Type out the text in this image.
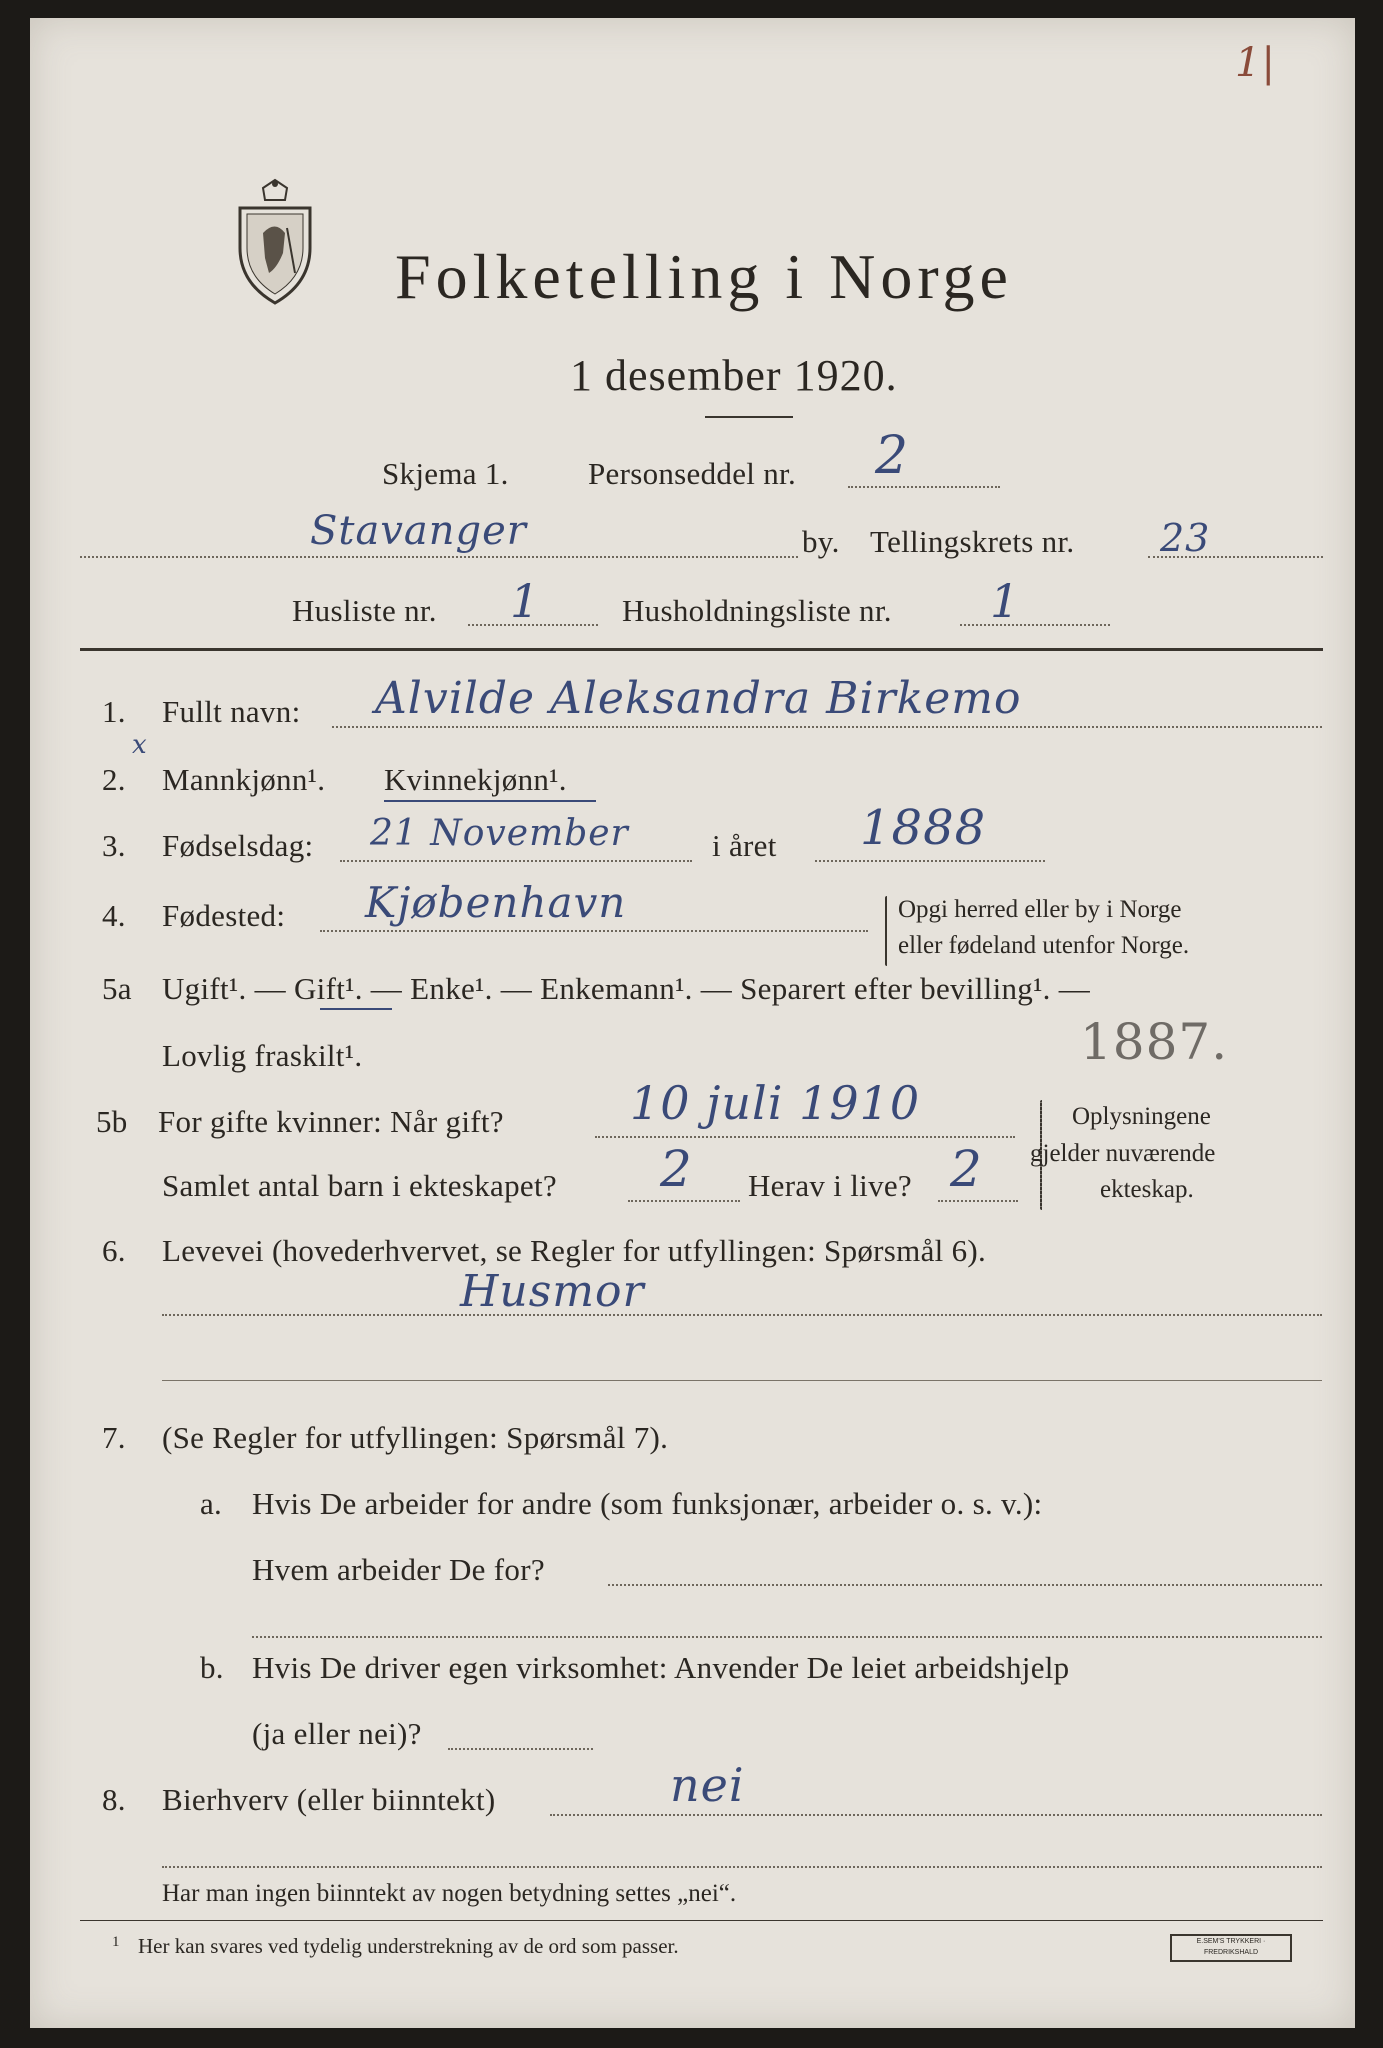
Folketelling i Norge
1 desember 1920.
1|
Skjema 1.	Personseddel nr. 2
Stavanger	by. Tellingskrets nr. 23
Husliste nr. 1	Husholdningsliste nr. 1
1. Fullt navn: Alvilde Aleksandra Birkemo
2.
x
Mannkjønn¹. Kvinnekjønn¹.
3. Fødselsdag: 21 November	i året 1888
4. Fødested: Kjøbenhavn	Opgi herred eller by i Norge
eller fødeland utenfor Norge.
5a Ugift¹. — Gift¹. — Enke¹. — Enkemann¹. — Separert efter bevilling¹. —
Lovlig fraskilt¹.	1887.
5b For gifte kvinner: Når gift?	10 juli 1910
Samlet antal barn i ekteskapet? 2 Herav i live? 2
Oplysningene
gjelder nuværende
ekteskap.
6. Levevei (hovederhvervet, se Regler for utfyllingen: Spørsmål 6).
Husmor
7. (Se Regler for utfyllingen: Spørsmål 7).
a. Hvis De arbeider for andre (som funksjonær, arbeider o. s. v.):
Hvem arbeider De for?
b. Hvis De driver egen virksomhet: Anvender De leiet arbeidshjelp
(ja eller nei)?
8. Bierhverv (eller biinntekt)	nei
Har man ingen biinntekt av nogen betydning settes „nei“.
1 Her kan svares ved tydelig understrekning av de ord som passer.	E.SEM'S TRYKKERI · FREDRIKSHALD
